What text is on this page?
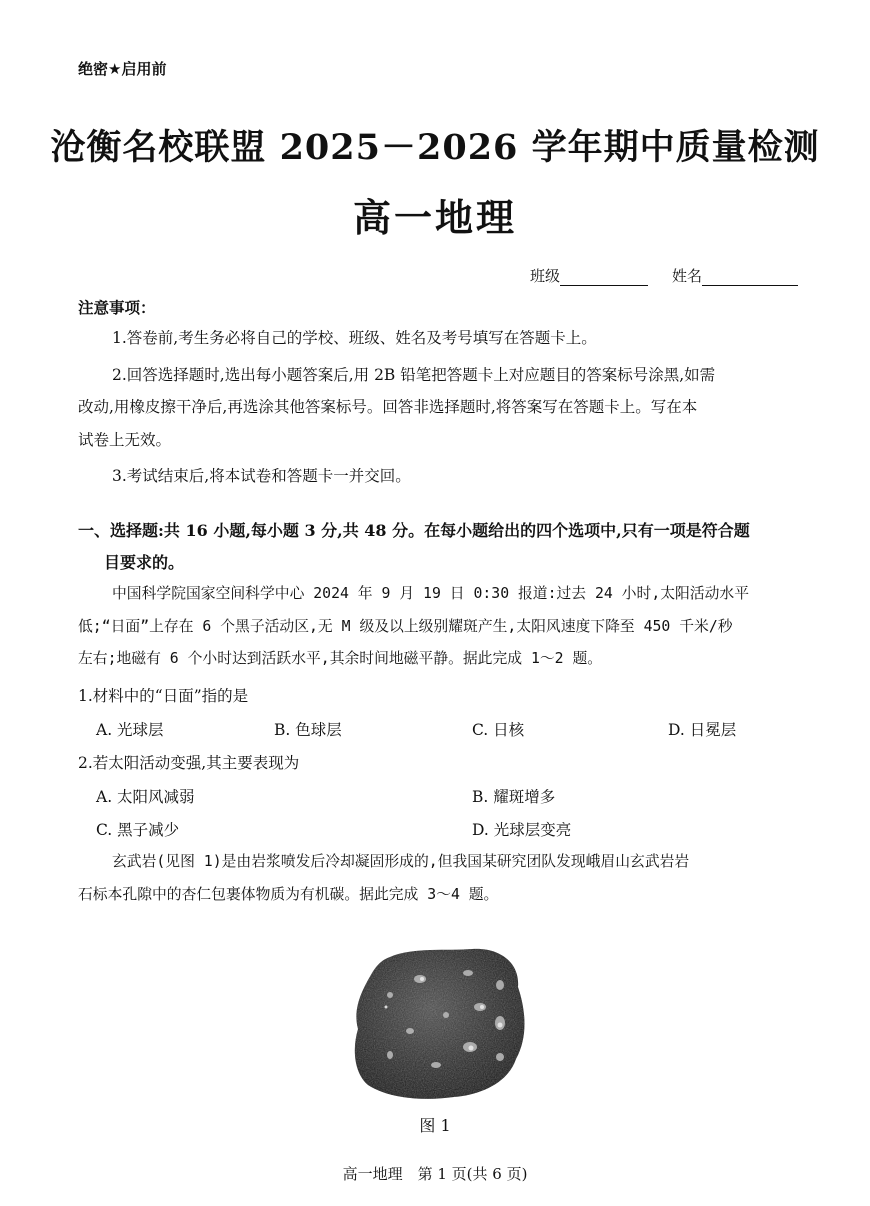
绝密★启用前
沧衡名校联盟 2025－2026 学年期中质量检测
高一地理
班级	姓名
注意事项：
1.答卷前,考生务必将自己的学校、班级、姓名及考号填写在答题卡上。
2.回答选择题时,选出每小题答案后,用 2B 铅笔把答题卡上对应题目的答案标号涂黑,如需
改动,用橡皮擦干净后,再选涂其他答案标号。回答非选择题时,将答案写在答题卡上。写在本
试卷上无效。
3.考试结束后,将本试卷和答题卡一并交回。
一、选择题:共 16 小题,每小题 3 分,共 48 分。在每小题给出的四个选项中,只有一项是符合题
目要求的。
中国科学院国家空间科学中心 2024 年 9 月 19 日 0:30 报道:过去 24 小时,太阳活动水平
低;“日面”上存在 6 个黑子活动区,无 M 级及以上级别耀斑产生,太阳风速度下降至 450 千米/秒
左右;地磁有 6 个小时达到活跃水平,其余时间地磁平静。据此完成 1～2 题。
1.材料中的“日面”指的是
A. 光球层	B. 色球层	C. 日核	D. 日冕层
2.若太阳活动变强,其主要表现为
A. 太阳风减弱	B. 耀斑增多
C. 黑子减少	D. 光球层变亮
玄武岩(见图 1)是由岩浆喷发后冷却凝固形成的,但我国某研究团队发现峨眉山玄武岩岩
石标本孔隙中的杏仁包裹体物质为有机碳。据此完成 3～4 题。
图 1
高一地理　第 1 页(共 6 页)
